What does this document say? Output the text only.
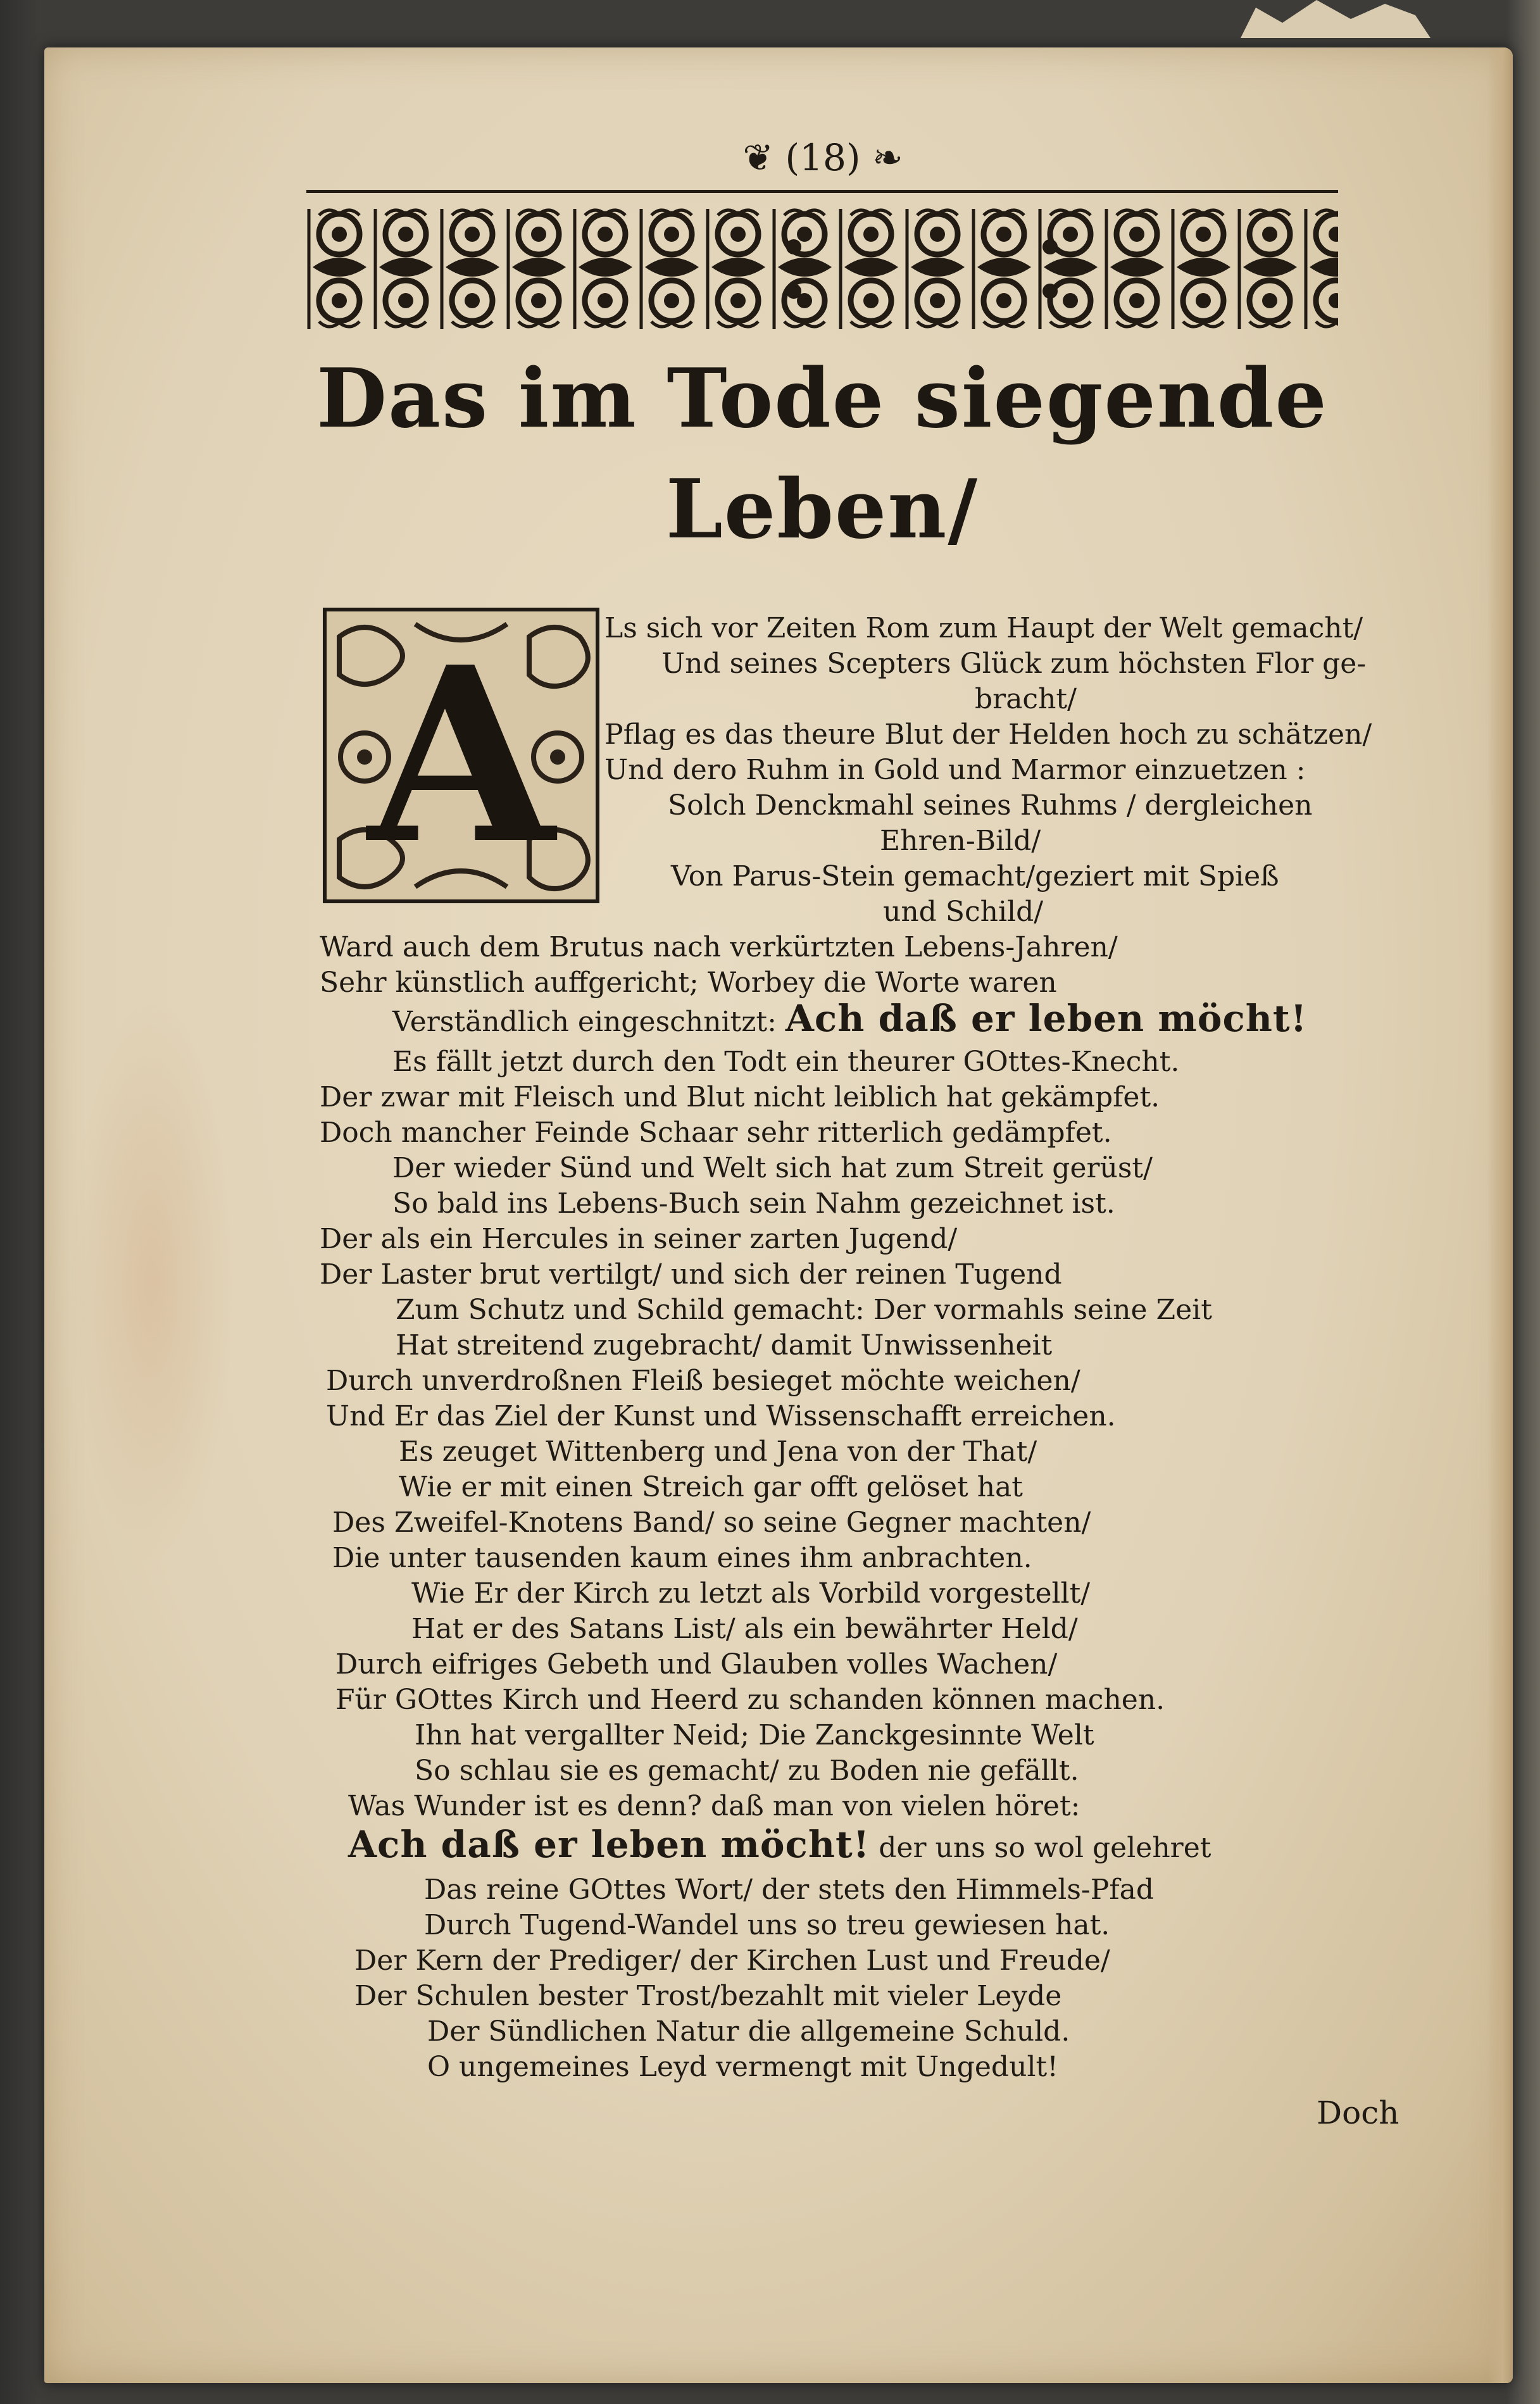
❦ (18) ❧
Das im Tode siegende
Leben/
A	Ls sich vor Zeiten Rom zum Haupt der Welt gemacht/
Und seines Scepters Glück zum höchsten Flor ge-
bracht/
Pflag es das theure Blut der Helden hoch zu schätzen/
Und dero Ruhm in Gold und Marmor einzuetzen :
Solch Denckmahl seines Ruhms / dergleichen
Ehren-Bild/
Von Parus-Stein gemacht/geziert mit Spieß
und Schild/
Ward auch dem Brutus nach verkürtzten Lebens-Jahren/
Sehr künstlich auffgericht; Worbey die Worte waren
Verständlich eingeschnitzt: Ach daß er leben möcht!
Es fällt jetzt durch den Todt ein theurer GOttes-Knecht.
Der zwar mit Fleisch und Blut nicht leiblich hat gekämpfet.
Doch mancher Feinde Schaar sehr ritterlich gedämpfet.
Der wieder Sünd und Welt sich hat zum Streit gerüst/
So bald ins Lebens-Buch sein Nahm gezeichnet ist.
Der als ein Hercules in seiner zarten Jugend/
Der Laster brut vertilgt/ und sich der reinen Tugend
Zum Schutz und Schild gemacht: Der vormahls seine Zeit
Hat streitend zugebracht/ damit Unwissenheit
Durch unverdroßnen Fleiß besieget möchte weichen/
Und Er das Ziel der Kunst und Wissenschafft erreichen.
Es zeuget Wittenberg und Jena von der That/
Wie er mit einen Streich gar offt gelöset hat
Des Zweifel-Knotens Band/ so seine Gegner machten/
Die unter tausenden kaum eines ihm anbrachten.
Wie Er der Kirch zu letzt als Vorbild vorgestellt/
Hat er des Satans List/ als ein bewährter Held/
Durch eifriges Gebeth und Glauben volles Wachen/
Für GOttes Kirch und Heerd zu schanden können machen.
Ihn hat vergallter Neid; Die Zanckgesinnte Welt
So schlau sie es gemacht/ zu Boden nie gefällt.
Was Wunder ist es denn? daß man von vielen höret:
Ach daß er leben möcht! der uns so wol gelehret
Das reine GOttes Wort/ der stets den Himmels-Pfad
Durch Tugend-Wandel uns so treu gewiesen hat.
Der Kern der Prediger/ der Kirchen Lust und Freude/
Der Schulen bester Trost/bezahlt mit vieler Leyde
Der Sündlichen Natur die allgemeine Schuld.
O ungemeines Leyd vermengt mit Ungedult!
Doch
